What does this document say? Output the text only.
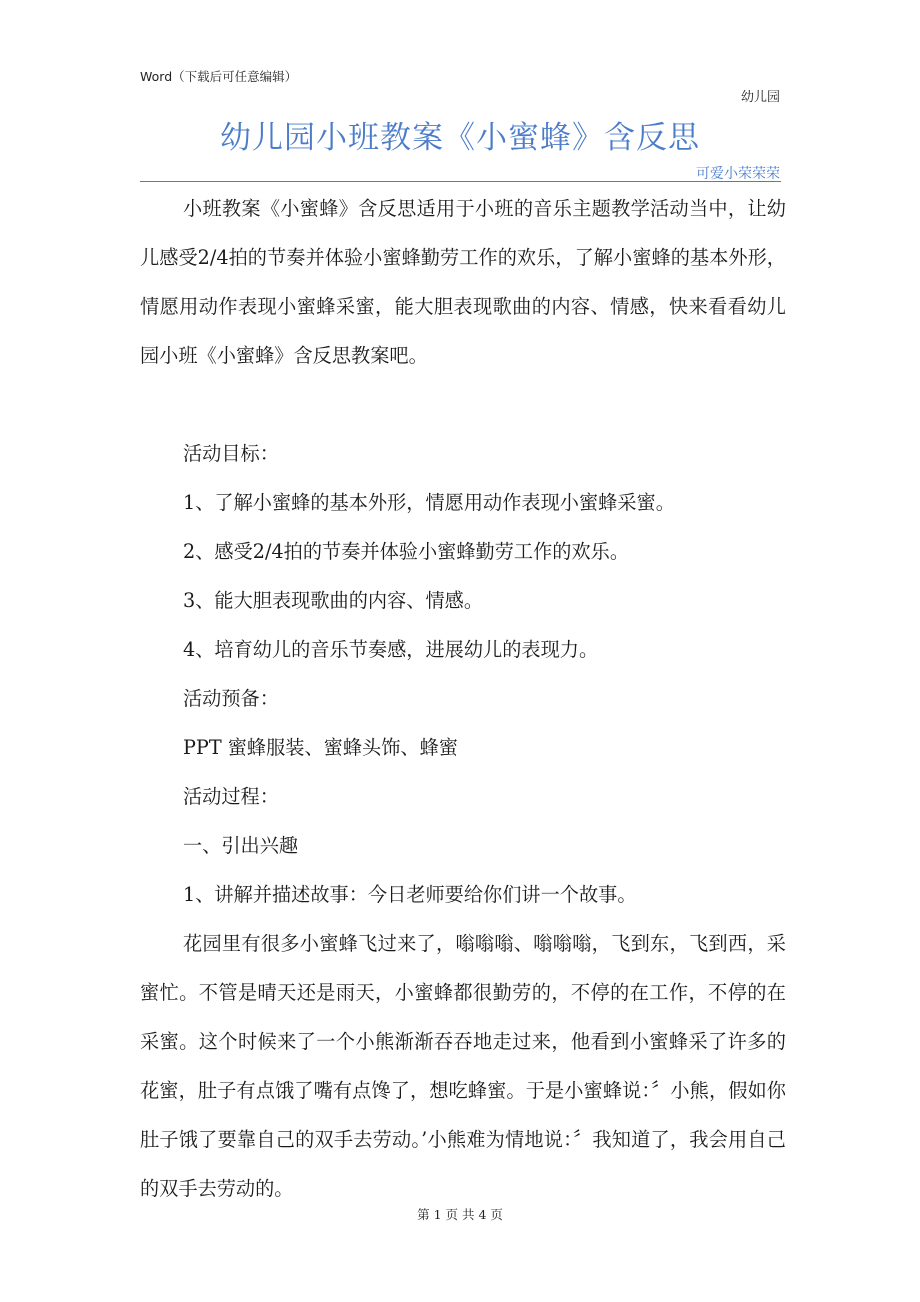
Word（下载后可任意编辑）

幼儿园

幼儿园小班教案《小蜜蜂》含反思

可爱小荣荣荣

小班教案《小蜜蜂》含反思适用于小班的音乐主题教学活动当中，让幼儿感受2/4拍的节奏并体验小蜜蜂勤劳工作的欢乐，了解小蜜蜂的基本外形，情愿用动作表现小蜜蜂采蜜，能大胆表现歌曲的内容、情感，快来看看幼儿园小班《小蜜蜂》含反思教案吧。

活动目标：

1、了解小蜜蜂的基本外形，情愿用动作表现小蜜蜂采蜜。

2、感受2/4拍的节奏并体验小蜜蜂勤劳工作的欢乐。

3、能大胆表现歌曲的内容、情感。

4、培育幼儿的音乐节奏感，进展幼儿的表现力。

活动预备：

PPT 蜜蜂服装、蜜蜂头饰、蜂蜜

活动过程：

一、引出兴趣

1、讲解并描述故事：今日老师要给你们讲一个故事。

花园里有很多小蜜蜂飞过来了，嗡嗡嗡、嗡嗡嗡，飞到东，飞到西，采蜜忙。不管是晴天还是雨天，小蜜蜂都很勤劳的，不停的在工作，不停的在采蜜。这个时候来了一个小熊渐渐吞吞地走过来，他看到小蜜蜂采了许多的花蜜，肚子有点饿了嘴有点馋了，想吃蜂蜜。于是小蜜蜂说：〞小熊，假如你肚子饿了要靠自己的双手去劳动。’小熊难为情地说：〞我知道了，我会用自己的双手去劳动的。

第 1 页 共 4 页
